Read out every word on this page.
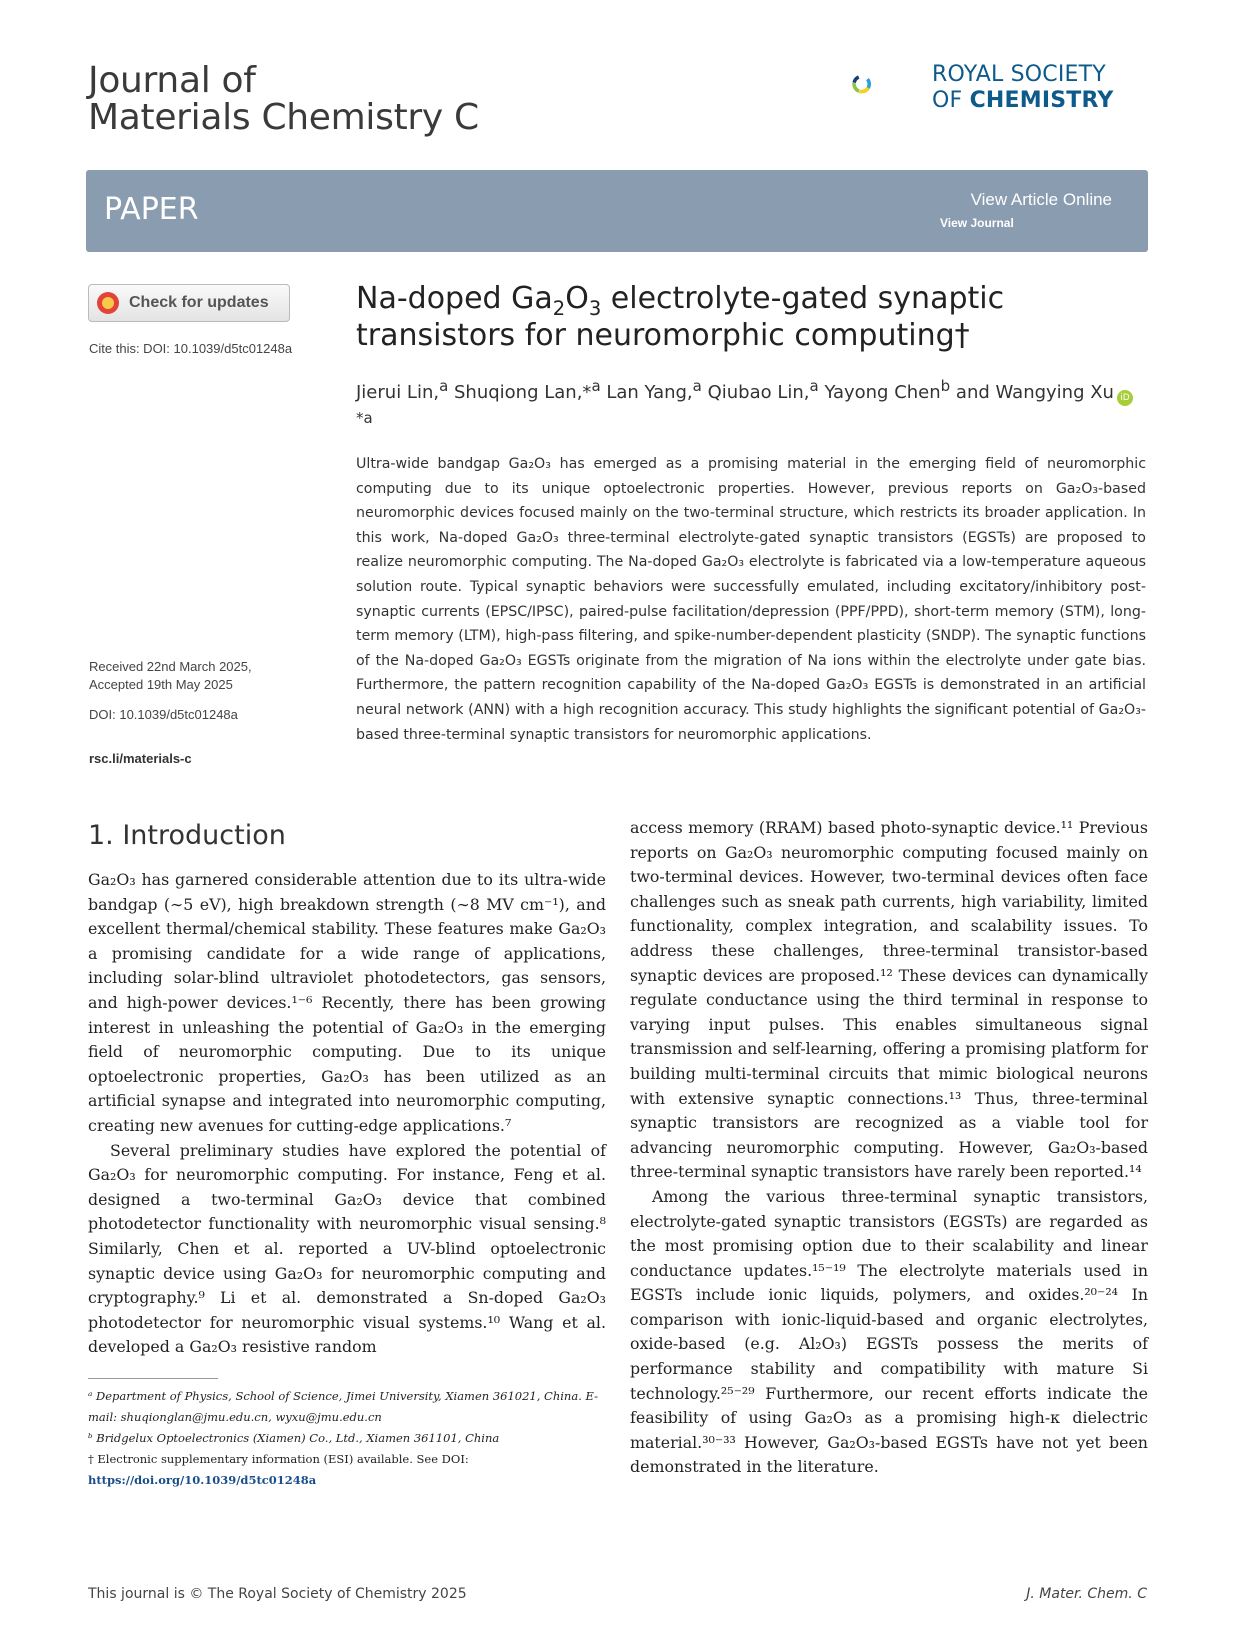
Journal of
Materials Chemistry C
ROYAL SOCIETY
OF CHEMISTRY
PAPER	View Article Online
View Journal
Check for updates
Cite this: DOI: 10.1039/d5tc01248a
Received 22nd March 2025,
Accepted 19th May 2025
DOI: 10.1039/d5tc01248a
rsc.li/materials-c
Na-doped $Ga_2O_3$ electrolyte-gated synaptic transistors for neuromorphic computing†
Jierui Lin,$^a$ Shuqiong Lan,*$^a$ Lan Yang,$^a$ Qiubao Lin,$^a$ Yayong Chen$^b$ and Wangying Xu $iD^{*a}$
Ultra-wide bandgap Ga₂O₃ has emerged as a promising material in the emerging field of neuromorphic computing due to its unique optoelectronic properties. However, previous reports on Ga₂O₃-based neuromorphic devices focused mainly on the two-terminal structure, which restricts its broader application. In this work, Na-doped Ga₂O₃ three-terminal electrolyte-gated synaptic transistors (EGSTs) are proposed to realize neuromorphic computing. The Na-doped Ga₂O₃ electrolyte is fabricated via a low-temperature aqueous solution route. Typical synaptic behaviors were successfully emulated, including excitatory/inhibitory post-synaptic currents (EPSC/IPSC), paired-pulse facilitation/depression (PPF/PPD), short-term memory (STM), long-term memory (LTM), high-pass filtering, and spike-number-dependent plasticity (SNDP). The synaptic functions of the Na-doped Ga₂O₃ EGSTs originate from the migration of Na ions within the electrolyte under gate bias. Furthermore, the pattern recognition capability of the Na-doped Ga₂O₃ EGSTs is demonstrated in an artificial neural network (ANN) with a high recognition accuracy. This study highlights the significant potential of Ga₂O₃-based three-terminal synaptic transistors for neuromorphic applications.
1. Introduction

Ga₂O₃ has garnered considerable attention due to its ultra-wide bandgap (∼5 eV), high breakdown strength (∼8 MV cm⁻¹), and excellent thermal/chemical stability. These features make Ga₂O₃ a promising candidate for a wide range of applications, including solar-blind ultraviolet photodetectors, gas sensors, and high-power devices.¹⁻⁶ Recently, there has been growing interest in unleashing the potential of Ga₂O₃ in the emerging field of neuromorphic computing. Due to its unique optoelectronic properties, Ga₂O₃ has been utilized as an artificial synapse and integrated into neuromorphic computing, creating new avenues for cutting-edge applications.⁷

Several preliminary studies have explored the potential of Ga₂O₃ for neuromorphic computing. For instance, Feng et al. designed a two-terminal Ga₂O₃ device that combined photodetector functionality with neuromorphic visual sensing.⁸ Similarly, Chen et al. reported a UV-blind optoelectronic synaptic device using Ga₂O₃ for neuromorphic computing and cryptography.⁹ Li et al. demonstrated a Sn-doped Ga₂O₃ photodetector for neuromorphic visual systems.¹⁰ Wang et al. developed a Ga₂O₃ resistive random

access memory (RRAM) based photo-synaptic device.¹¹ Previous reports on Ga₂O₃ neuromorphic computing focused mainly on two-terminal devices. However, two-terminal devices often face challenges such as sneak path currents, high variability, limited functionality, complex integration, and scalability issues. To address these challenges, three-terminal transistor-based synaptic devices are proposed.¹² These devices can dynamically regulate conductance using the third terminal in response to varying input pulses. This enables simultaneous signal transmission and self-learning, offering a promising platform for building multi-terminal circuits that mimic biological neurons with extensive synaptic connections.¹³ Thus, three-terminal synaptic transistors are recognized as a viable tool for advancing neuromorphic computing. However, Ga₂O₃-based three-terminal synaptic transistors have rarely been reported.¹⁴

Among the various three-terminal synaptic transistors, electrolyte-gated synaptic transistors (EGSTs) are regarded as the most promising option due to their scalability and linear conductance updates.¹⁵⁻¹⁹ The electrolyte materials used in EGSTs include ionic liquids, polymers, and oxides.²⁰⁻²⁴ In comparison with ionic-liquid-based and organic electrolytes, oxide-based (e.g. Al₂O₃) EGSTs possess the merits of performance stability and compatibility with mature Si technology.²⁵⁻²⁹ Furthermore, our recent efforts indicate the feasibility of using Ga₂O₃ as a promising high-κ dielectric material.³⁰⁻³³ However, Ga₂O₃-based EGSTs have not yet been demonstrated in the literature.

ᵃ Department of Physics, School of Science, Jimei University, Xiamen 361021, China. E-mail: shuqionglan@jmu.edu.cn, wyxu@jmu.edu.cn
ᵇ Bridgelux Optoelectronics (Xiamen) Co., Ltd., Xiamen 361101, China
† Electronic supplementary information (ESI) available. See DOI: https://doi.org/10.1039/d5tc01248a
This journal is © The Royal Society of Chemistry 2025	J. Mater. Chem. C
